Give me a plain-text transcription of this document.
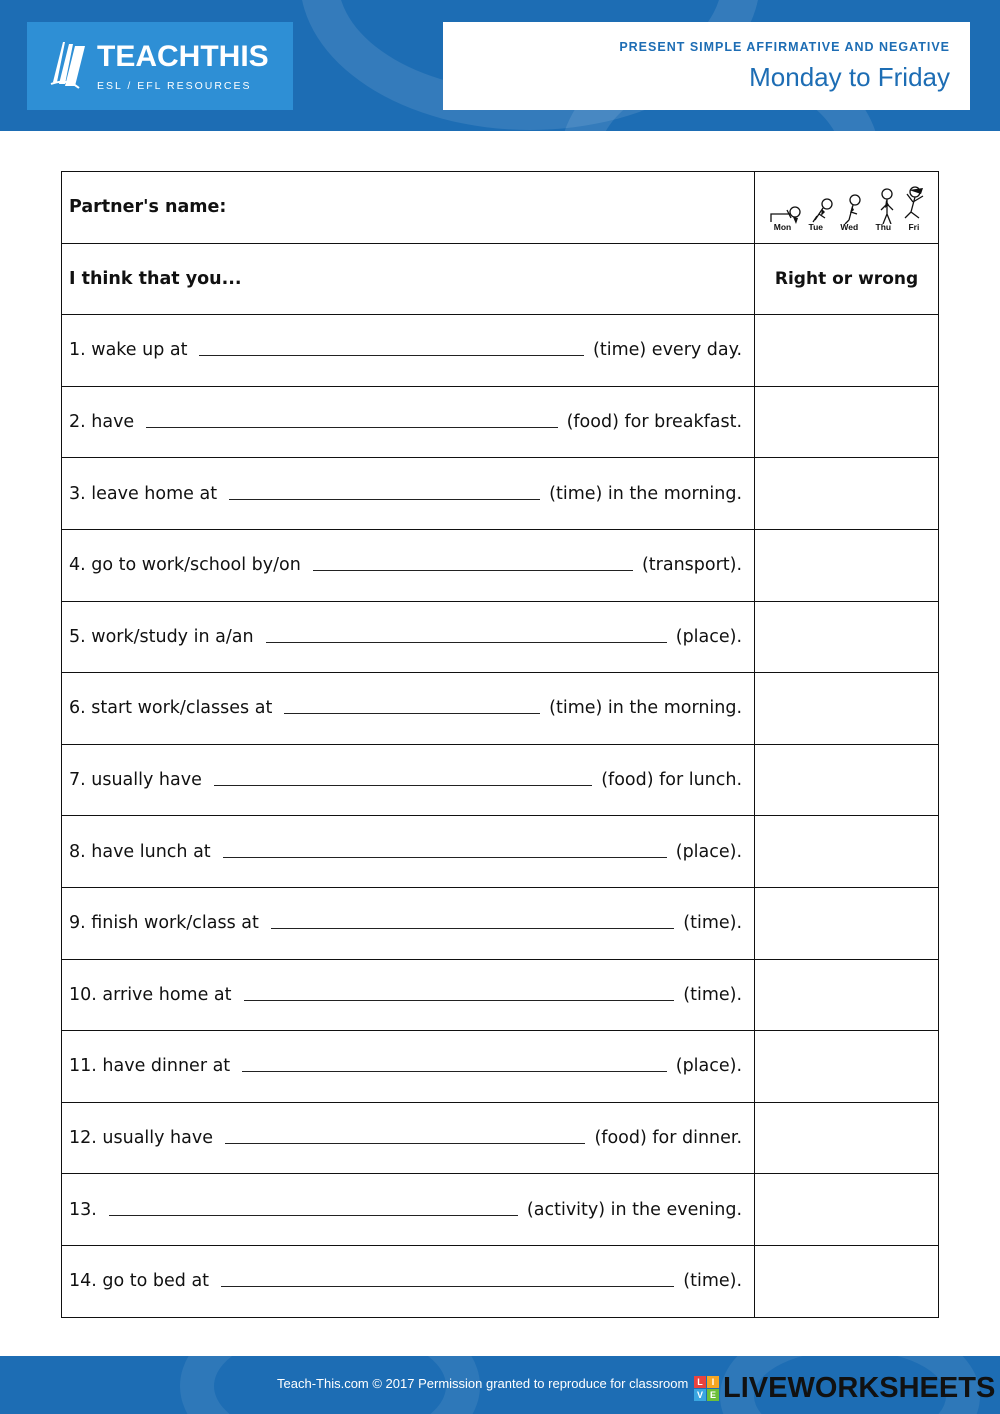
TEACHTHIS
ESL / EFL RESOURCES
PRESENT SIMPLE AFFIRMATIVE AND NEGATIVE
Monday to Friday
Partner's name:	Mon Tue Wed Thu Fri

I think that you...	Right or wrong

1. wake up at (time) every day.	

2. have (food) for breakfast.	

3. leave home at (time) in the morning.	

4. go to work/school by/on (transport).	

5. work/study in a/an (place).	

6. start work/classes at (time) in the morning.	

7. usually have (food) for lunch.	

8. have lunch at (place).	

9. finish work/class at (time).	

10. arrive home at (time).	

11. have dinner at (place).	

12. usually have (food) for dinner.	

13. (activity) in the evening.	

14. go to bed at (time).	

Teach-This.com © 2017 Permission granted to reproduce for classroom L I
V E LIVEWORKSHEETS
